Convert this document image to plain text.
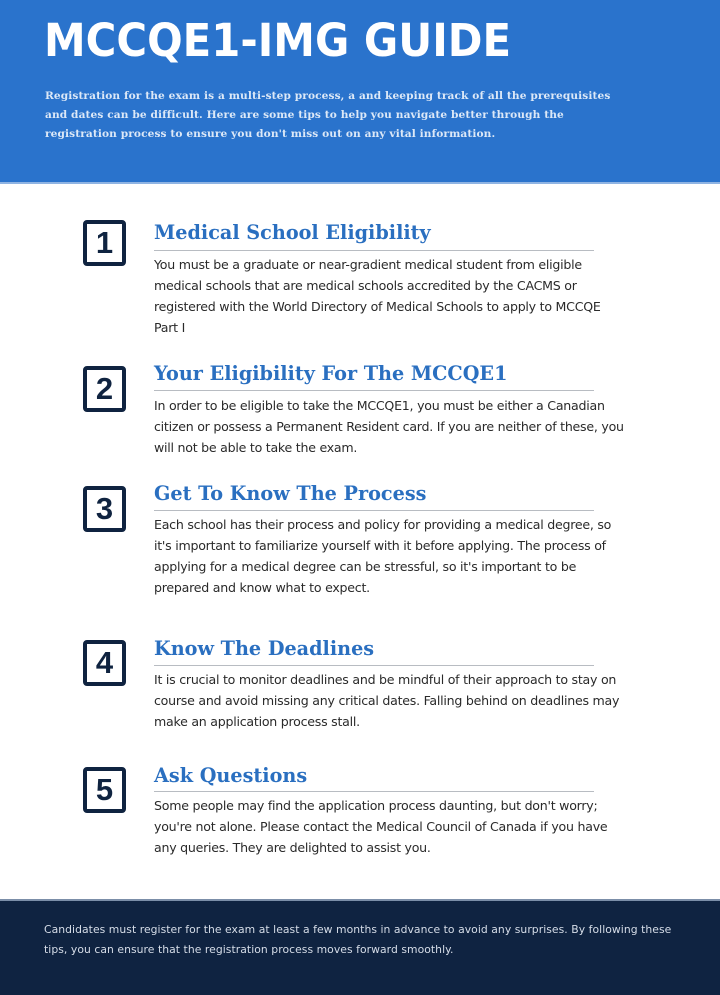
MCCQE1-IMG GUIDE

Registration for the exam is a multi-step process, a and keeping track of all the prerequisites and dates can be difficult. Here are some tips to help you navigate better through the registration process to ensure you don't miss out on any vital information.

1	Medical School Eligibility

You must be a graduate or near-gradient medical student from eligible medical schools that are medical schools accredited by the CACMS or registered with the World Directory of Medical Schools to apply to MCCQE Part I

2	Your Eligibility For The MCCQE1

In order to be eligible to take the MCCQE1, you must be either a Canadian citizen or possess a Permanent Resident card. If you are neither of these, you will not be able to take the exam.

3	Get To Know The Process

Each school has their process and policy for providing a medical degree, so it's important to familiarize yourself with it before applying. The process of applying for a medical degree can be stressful, so it's important to be prepared and know what to expect.

4	Know The Deadlines

It is crucial to monitor deadlines and be mindful of their approach to stay on course and avoid missing any critical dates. Falling behind on deadlines may make an application process stall.

5	Ask Questions

Some people may find the application process daunting, but don't worry; you're not alone. Please contact the Medical Council of Canada if you have any queries. They are delighted to assist you.

Candidates must register for the exam at least a few months in advance to avoid any surprises. By following these tips, you can ensure that the registration process moves forward smoothly.
